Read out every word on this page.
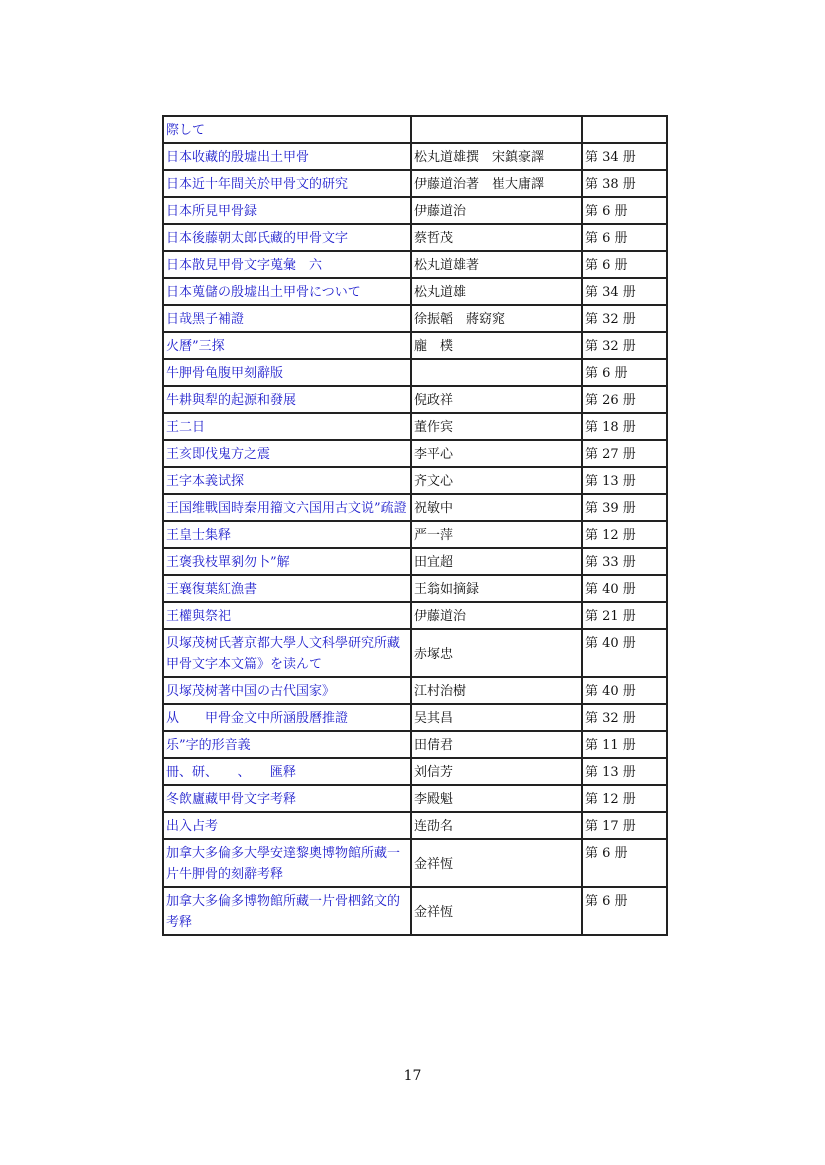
際して		
日本收藏的殷墟出土甲骨	松丸道雄撰　宋鎮豪譯	第 34 册
日本近十年間关於甲骨文的研究	伊藤道治著　崔大庸譯	第 38 册
日本所見甲骨録	伊藤道治	第 6 册
日本後藤朝太郎氏藏的甲骨文字	蔡哲茂	第 6 册
日本散見甲骨文字蒐彙　六	松丸道雄著	第 6 册
日本蒐儲の殷墟出土甲骨について	松丸道雄	第 34 册
日哉黑子補證	徐振韜　蔣窈窕	第 32 册
火曆”三探	龐　樸	第 32 册
牛胛骨龟腹甲刻辭版		第 6 册
牛耕與犁的起源和發展	倪政祥	第 26 册
王二日	董作宾	第 18 册
王亥即伐鬼方之震	李平心	第 27 册
王字本義试探	齐文心	第 13 册
王国维戰国時秦用籀文六国用古文说”疏證	祝敏中	第 39 册
王皇士集释	严一萍	第 12 册
王褒我枝單剢勿卜”解	田宜超	第 33 册
王襄復葉紅漁書	王翁如摘録	第 40 册
王權與祭祀	伊藤道治	第 21 册
贝塚茂树氏著京都大學人文科學研究所藏甲骨文字本文篇》を读んて	赤塚忠	第 40 册
贝塚茂树著中国の古代国家》	江村治樹	第 40 册
从　　甲骨金文中所涵殷曆推證	吴其昌	第 32 册
乐”字的形音義	田倩君	第 11 册
冊、研、　　、　　匯释	刘信芳	第 13 册
冬飲廬藏甲骨文字考释	李殿魁	第 12 册
出入占考	连劭名	第 17 册
加拿大多倫多大學安達黎奧博物館所藏一片牛胛骨的刻辭考释	金祥恆	第 6 册
加拿大多倫多博物館所藏一片骨柶銘文的考释	金祥恆	第 6 册
17
